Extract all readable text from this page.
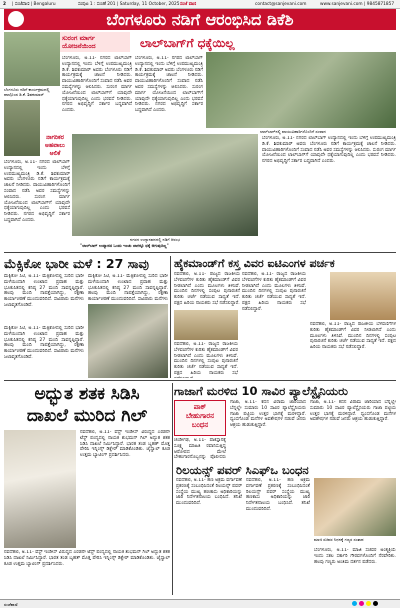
2 | ಸಂಜೆವಾಣಿ | Bengaluru	ಸಂಪುಟ 1 : ಸಂಚಿಕೆ 201 | Saturday, 11 October, 2025 ಸಂಜೆ ವಾಣಿ	contact@sanjevani.com	www.sanjevani.com | 9845871857
ಬೆಂಗಳೂರು ನಡಿಗೆ ಆರಂಭಿಸಿದ ಡಿಕೆಶಿ
ಸುರಂಗ ಮಾರ್ಗ ಯೋಜನೆಯಿಂದ	ಲಾಲ್‌ಬಾಗ್‌ಗೆ ಧಕ್ಕೆಯಿಲ್ಲ
ಬೆಂಗಳೂರು ನಡಿಗೆ ಕಾರ್ಯಕ್ರಮದಲ್ಲಿ ಪಾಲ್ಗೊಂಡ ಡಿ.ಕೆ. ಶಿವಕುಮಾರ್
ಲಾಲ್‌ಬಾಗ್‌ನಲ್ಲಿ ವಾಯುವಿಹಾರಿಗಳೊಂದಿಗೆ ಸಂವಾದ
ನಗರದ ಉದ್ಯಾನವನದಲ್ಲಿ ನಡಿಗೆ ಆರಂಭ
ನಾಗರಿಕರ
ಅಹವಾಲು
ಆಲಿಕೆ
ಬೆಂಗಳೂರು, ಅ.11- ನಗರದ ಲಾಲ್‌ಬಾಗ್ ಉದ್ಯಾನದಲ್ಲಿ ಇಂದು ಬೆಳಿಗ್ಗೆ ಉಪಮುಖ್ಯಮಂತ್ರಿ ಡಿ.ಕೆ. ಶಿವಕುಮಾರ್ ಅವರು ಬೆಂಗಳೂರು ನಡಿಗೆ ಕಾರ್ಯಕ್ರಮಕ್ಕೆ ಚಾಲನೆ ನೀಡಿದರು. ವಾಯುವಿಹಾರಿಗಳೊಂದಿಗೆ ಸಂವಾದ ನಡೆಸಿ ಅವರ ಸಮಸ್ಯೆಗಳನ್ನು ಆಲಿಸಿದರು. ಸುರಂಗ ಮಾರ್ಗ ಯೋಜನೆಯಿಂದ ಲಾಲ್‌ಬಾಗ್‌ಗೆ ಯಾವುದೇ ಧಕ್ಕೆಯಾಗುವುದಿಲ್ಲ ಎಂದು ಭರವಸೆ ನೀಡಿದರು. ನಗರದ ಅಭಿವೃದ್ಧಿಗೆ ಸರ್ಕಾರ ಬದ್ಧವಾಗಿದೆ ಎಂದರು.
ಬೆಂಗಳೂರು, ಅ.11- ನಗರದ ಲಾಲ್‌ಬಾಗ್ ಉದ್ಯಾನದಲ್ಲಿ ಇಂದು ಬೆಳಿಗ್ಗೆ ಉಪಮುಖ್ಯಮಂತ್ರಿ ಡಿ.ಕೆ. ಶಿವಕುಮಾರ್ ಅವರು ಬೆಂಗಳೂರು ನಡಿಗೆ ಕಾರ್ಯಕ್ರಮಕ್ಕೆ ಚಾಲನೆ ನೀಡಿದರು. ವಾಯುವಿಹಾರಿಗಳೊಂದಿಗೆ ಸಂವಾದ ನಡೆಸಿ ಅವರ ಸಮಸ್ಯೆಗಳನ್ನು ಆಲಿಸಿದರು. ಸುರಂಗ ಮಾರ್ಗ ಯೋಜನೆಯಿಂದ ಲಾಲ್‌ಬಾಗ್‌ಗೆ ಯಾವುದೇ ಧಕ್ಕೆಯಾಗುವುದಿಲ್ಲ ಎಂದು ಭರವಸೆ ನೀಡಿದರು. ನಗರದ ಅಭಿವೃದ್ಧಿಗೆ ಸರ್ಕಾರ ಬದ್ಧವಾಗಿದೆ ಎಂದರು.
ಬೆಂಗಳೂರು, ಅ.11- ನಗರದ ಲಾಲ್‌ಬಾಗ್ ಉದ್ಯಾನದಲ್ಲಿ ಇಂದು ಬೆಳಿಗ್ಗೆ ಉಪಮುಖ್ಯಮಂತ್ರಿ ಡಿ.ಕೆ. ಶಿವಕುಮಾರ್ ಅವರು ಬೆಂಗಳೂರು ನಡಿಗೆ ಕಾರ್ಯಕ್ರಮಕ್ಕೆ ಚಾಲನೆ ನೀಡಿದರು. ವಾಯುವಿಹಾರಿಗಳೊಂದಿಗೆ ಸಂವಾದ ನಡೆಸಿ ಅವರ ಸಮಸ್ಯೆಗಳನ್ನು ಆಲಿಸಿದರು. ಸುರಂಗ ಮಾರ್ಗ ಯೋಜನೆಯಿಂದ ಲಾಲ್‌ಬಾಗ್‌ಗೆ ಯಾವುದೇ ಧಕ್ಕೆಯಾಗುವುದಿಲ್ಲ ಎಂದು ಭರವಸೆ ನೀಡಿದರು. ನಗರದ ಅಭಿವೃದ್ಧಿಗೆ ಸರ್ಕಾರ ಬದ್ಧವಾಗಿದೆ ಎಂದರು.
ಬೆಂಗಳೂರು, ಅ.11- ನಗರದ ಲಾಲ್‌ಬಾಗ್ ಉದ್ಯಾನದಲ್ಲಿ ಇಂದು ಬೆಳಿಗ್ಗೆ ಉಪಮುಖ್ಯಮಂತ್ರಿ ಡಿ.ಕೆ. ಶಿವಕುಮಾರ್ ಅವರು ಬೆಂಗಳೂರು ನಡಿಗೆ ಕಾರ್ಯಕ್ರಮಕ್ಕೆ ಚಾಲನೆ ನೀಡಿದರು. ವಾಯುವಿಹಾರಿಗಳೊಂದಿಗೆ ಸಂವಾದ ನಡೆಸಿ ಅವರ ಸಮಸ್ಯೆಗಳನ್ನು ಆಲಿಸಿದರು. ಸುರಂಗ ಮಾರ್ಗ ಯೋಜನೆಯಿಂದ ಲಾಲ್‌ಬಾಗ್‌ಗೆ ಯಾವುದೇ ಧಕ್ಕೆಯಾಗುವುದಿಲ್ಲ ಎಂದು ಭರವಸೆ ನೀಡಿದರು. ನಗರದ ಅಭಿವೃದ್ಧಿಗೆ ಸರ್ಕಾರ ಬದ್ಧವಾಗಿದೆ ಎಂದರು.
"ಲಾಲ್‌ಬಾಗ್ ಉದ್ಯಾನದ ಒಂದು ಇಂಚು ಜಾಗಕ್ಕೂ ಧಕ್ಕೆ ಆಗುವುದಿಲ್ಲ"
ಮೆಕ್ಸಿಕೋ ಭಾರೀ ಮಳೆ : 27 ಸಾವು
ಮೆಕ್ಸಿಕೋ ಸಿಟಿ, ಅ.11- ಮೆಕ್ಸಿಕೋದಲ್ಲಿ ಸುರಿದ ಭಾರೀ ಮಳೆಯಿಂದಾಗಿ ಉಂಟಾದ ಪ್ರವಾಹ ಮತ್ತು ಭೂಕುಸಿತದಲ್ಲಿ ಕನಿಷ್ಠ 27 ಮಂದಿ ಸಾವನ್ನಪ್ಪಿದ್ದಾರೆ. ಹಲವು ಮಂದಿ ನಾಪತ್ತೆಯಾಗಿದ್ದು, ರಕ್ಷಣಾ ಕಾರ್ಯಾಚರಣೆ ಮುಂದುವರಿದಿದೆ. ಸಾವಿರಾರು ಮನೆಗಳು ಜಲಾವೃತಗೊಂಡಿವೆ.
ಮೆಕ್ಸಿಕೋ ಸಿಟಿ, ಅ.11- ಮೆಕ್ಸಿಕೋದಲ್ಲಿ ಸುರಿದ ಭಾರೀ ಮಳೆಯಿಂದಾಗಿ ಉಂಟಾದ ಪ್ರವಾಹ ಮತ್ತು ಭೂಕುಸಿತದಲ್ಲಿ ಕನಿಷ್ಠ 27 ಮಂದಿ ಸಾವನ್ನಪ್ಪಿದ್ದಾರೆ. ಹಲವು ಮಂದಿ ನಾಪತ್ತೆಯಾಗಿದ್ದು, ರಕ್ಷಣಾ ಕಾರ್ಯಾಚರಣೆ ಮುಂದುವರಿದಿದೆ. ಸಾವಿರಾರು ಮನೆಗಳು
ಮೆಕ್ಸಿಕೋ ಸಿಟಿ, ಅ.11- ಮೆಕ್ಸಿಕೋದಲ್ಲಿ ಸುರಿದ ಭಾರೀ ಮಳೆಯಿಂದಾಗಿ ಉಂಟಾದ ಪ್ರವಾಹ ಮತ್ತು ಭೂಕುಸಿತದಲ್ಲಿ ಕನಿಷ್ಠ 27 ಮಂದಿ ಸಾವನ್ನಪ್ಪಿದ್ದಾರೆ. ಹಲವು ಮಂದಿ ನಾಪತ್ತೆಯಾಗಿದ್ದು, ರಕ್ಷಣಾ ಕಾರ್ಯಾಚರಣೆ ಮುಂದುವರಿದಿದೆ. ಸಾವಿರಾರು ಮನೆಗಳು ಜಲಾವೃತಗೊಂಡಿವೆ.
ಹೈಕಮಾಂಡ್‌ಗೆ ಕಸ್ತ ವಿವರ ಐಟಿಎಂಗಳ ಪರ್ಚಕ
ನವದೆಹಲಿ, ಅ.11- ರಾಜ್ಯದ ರಾಜಕೀಯ ಬೆಳವಣಿಗೆಗಳ ಕುರಿತು ಹೈಕಮಾಂಡ್‌ಗೆ ವಿವರ ನೀಡಲಾಗಿದೆ ಎಂದು ಮೂಲಗಳು ತಿಳಿಸಿವೆ. ಮುಂದಿನ ದಿನಗಳಲ್ಲಿ ಸಂಪುಟ ಪುನಾರಚನೆ ಕುರಿತು ಚರ್ಚೆ ನಡೆಯುವ ಸಾಧ್ಯತೆ ಇದೆ. ಪಕ್ಷದ ಹಿರಿಯ ನಾಯಕರು ಸಭೆ ನಡೆಸಲಿದ್ದಾರೆ.
ನವದೆಹಲಿ, ಅ.11- ರಾಜ್ಯದ ರಾಜಕೀಯ ಬೆಳವಣಿಗೆಗಳ ಕುರಿತು ಹೈಕಮಾಂಡ್‌ಗೆ ವಿವರ ನೀಡಲಾಗಿದೆ ಎಂದು ಮೂಲಗಳು ತಿಳಿಸಿವೆ. ಮುಂದಿನ ದಿನಗಳಲ್ಲಿ ಸಂಪುಟ ಪುನಾರಚನೆ ಕುರಿತು ಚರ್ಚೆ ನಡೆಯುವ ಸಾಧ್ಯತೆ ಇದೆ. ಪಕ್ಷದ ಹಿರಿಯ ನಾಯಕರು ಸಭೆ
ನವದೆಹಲಿ, ಅ.11- ರಾಜ್ಯದ ರಾಜಕೀಯ ಬೆಳವಣಿಗೆಗಳ ಕುರಿತು ಹೈಕಮಾಂಡ್‌ಗೆ ವಿವರ ನೀಡಲಾಗಿದೆ ಎಂದು ಮೂಲಗಳು ತಿಳಿಸಿವೆ. ಮುಂದಿನ ದಿನಗಳಲ್ಲಿ ಸಂಪುಟ ಪುನಾರಚನೆ ಕುರಿತು ಚರ್ಚೆ ನಡೆಯುವ ಸಾಧ್ಯತೆ ಇದೆ. ಪಕ್ಷದ ಹಿರಿಯ ನಾಯಕರು ಸಭೆ ನಡೆಸಲಿದ್ದಾರೆ.
ನವದೆಹಲಿ, ಅ.11- ರಾಜ್ಯದ ರಾಜಕೀಯ ಬೆಳವಣಿಗೆಗಳ ಕುರಿತು ಹೈಕಮಾಂಡ್‌ಗೆ ವಿವರ ನೀಡಲಾಗಿದೆ ಎಂದು ಮೂಲಗಳು ತಿಳಿಸಿವೆ. ಮುಂದಿನ ದಿನಗಳಲ್ಲಿ ಸಂಪುಟ ಪುನಾರಚನೆ ಕುರಿತು ಚರ್ಚೆ ನಡೆಯುವ ಸಾಧ್ಯತೆ ಇದೆ. ಪಕ್ಷದ ಹಿರಿಯ ನಾಯಕರು ಸಭೆ ನಡೆಸಲಿದ್ದಾರೆ.
ಗಾಜಾಗೆ ಮರಳಿದ 10 ಸಾವಿರ ಪ್ಯಾಲೆಸ್ಟೈನಿಯರು
ಗಾಜಾ, ಅ.11- ಕದನ ವಿರಾಮ ಜಾರಿಯಾದ ಬೆನ್ನಲ್ಲೇ ಸುಮಾರು 10 ಸಾವಿರ ಪ್ಯಾಲೆಸ್ಟೈನಿಯರು ಗಾಜಾ ಪಟ್ಟಿಯ ಉತ್ತರ ಭಾಗಕ್ಕೆ ಮರಳಿದ್ದಾರೆ. ಧ್ವಂಸಗೊಂಡ ಮನೆಗಳ ಅವಶೇಷಗಳ ನಡುವೆ ಜನರು ಆಶ್ರಯ ಹುಡುಕುತ್ತಿದ್ದಾರೆ.
ಗಾಜಾ, ಅ.11- ಕದನ ವಿರಾಮ ಜಾರಿಯಾದ ಬೆನ್ನಲ್ಲೇ ಸುಮಾರು 10 ಸಾವಿರ ಪ್ಯಾಲೆಸ್ಟೈನಿಯರು ಗಾಜಾ ಪಟ್ಟಿಯ ಉತ್ತರ ಭಾಗಕ್ಕೆ ಮರಳಿದ್ದಾರೆ. ಧ್ವಂಸಗೊಂಡ ಮನೆಗಳ ಅವಶೇಷಗಳ ನಡುವೆ ಜನರು ಆಶ್ರಯ ಹುಡುಕುತ್ತಿದ್ದಾರೆ.
ಪಾಕ್
ಬೇಹುಗಾರನ
ಬಂಧನ
ಚಂಡೀಗಢ, ಅ.11- ಪಾಕಿಸ್ತಾನಕ್ಕೆ ಸೂಕ್ಷ್ಮ ಮಾಹಿತಿ ರವಾನಿಸುತ್ತಿದ್ದ ಆರೋಪದ ಮೇಲೆ ಬೇಹುಗಾರನೊಬ್ಬನನ್ನು ಪೊಲೀಸರು
ಅದ್ಭುತ ಶತಕ ಸಿಡಿಸಿ
ದಾಖಲೆ ಮುರಿದ ಗಿಲ್
ನವದೆಹಲಿ, ಅ.11- ವೆಸ್ಟ್ ಇಂಡೀಸ್ ವಿರುದ್ಧದ ಎರಡನೇ ಟೆಸ್ಟ್ ಪಂದ್ಯದಲ್ಲಿ ನಾಯಕ ಶುಭಮನ್ ಗಿಲ್ ಅದ್ಭುತ ಶತಕ ಸಿಡಿಸಿ ದಾಖಲೆ ನಿರ್ಮಿಸಿದ್ದಾರೆ. ಭಾರತ ತಂಡ ಬೃಹತ್ ಮೊತ್ತ ಪೇರಿಸಿ ಇನ್ನಿಂಗ್ಸ್ ಡಿಕ್ಲೇರ್ ಮಾಡಿಕೊಂಡಿತು. ಜೈಸ್ವಾಲ್ ಕೂಡ ಉತ್ತಮ ಬ್ಯಾಟಿಂಗ್ ಪ್ರದರ್ಶಿಸಿದರು.
ನವದೆಹಲಿ, ಅ.11- ವೆಸ್ಟ್ ಇಂಡೀಸ್ ವಿರುದ್ಧದ ಎರಡನೇ ಟೆಸ್ಟ್ ಪಂದ್ಯದಲ್ಲಿ ನಾಯಕ ಶುಭಮನ್ ಗಿಲ್ ಅದ್ಭುತ ಶತಕ ಸಿಡಿಸಿ ದಾಖಲೆ ನಿರ್ಮಿಸಿದ್ದಾರೆ. ಭಾರತ ತಂಡ ಬೃಹತ್ ಮೊತ್ತ ಪೇರಿಸಿ ಇನ್ನಿಂಗ್ಸ್ ಡಿಕ್ಲೇರ್ ಮಾಡಿಕೊಂಡಿತು. ಜೈಸ್ವಾಲ್ ಕೂಡ ಉತ್ತಮ ಬ್ಯಾಟಿಂಗ್ ಪ್ರದರ್ಶಿಸಿದರು.
ರಿಲಯನ್ಸ್ ಪವರ್ ಸಿಎಫ್‌ಒ ಬಂಧನ
ನವದೆಹಲಿ, ಅ.11- ಹಣ ಅಕ್ರಮ ವರ್ಗಾವಣೆ ಪ್ರಕರಣಕ್ಕೆ ಸಂಬಂಧಿಸಿದಂತೆ ರಿಲಯನ್ಸ್ ಪವರ್ ಸಂಸ್ಥೆಯ ಮುಖ್ಯ ಹಣಕಾಸು ಅಧಿಕಾರಿಯನ್ನು ಜಾರಿ ನಿರ್ದೇಶನಾಲಯ ಬಂಧಿಸಿದೆ. ತನಿಖೆ ಮುಂದುವರಿದಿದೆ.
ನವದೆಹಲಿ, ಅ.11- ಹಣ ಅಕ್ರಮ ವರ್ಗಾವಣೆ ಪ್ರಕರಣಕ್ಕೆ ಸಂಬಂಧಿಸಿದಂತೆ ರಿಲಯನ್ಸ್ ಪವರ್ ಸಂಸ್ಥೆಯ ಮುಖ್ಯ ಹಣಕಾಸು ಅಧಿಕಾರಿಯನ್ನು ಜಾರಿ ನಿರ್ದೇಶನಾಲಯ ಬಂಧಿಸಿದೆ. ತನಿಖೆ ಮುಂದುವರಿದಿದೆ.
ಮಾಜಿ ಸಚಿವರ ನಿಧನಕ್ಕೆ ಗಣ್ಯರ ಸಂತಾಪ
ಬೆಂಗಳೂರು, ಅ.11- ಮಾಜಿ ಸಚಿವರ ಅಂತ್ಯಕ್ರಿಯೆ ಇಂದು ಸಕಲ ಸರ್ಕಾರಿ ಗೌರವಗಳೊಂದಿಗೆ ನೆರವೇರಿತು. ಹಲವು ಗಣ್ಯರು ಅಂತಿಮ ದರ್ಶನ ಪಡೆದರು.
ಸಂಜೆವಾಣಿ
